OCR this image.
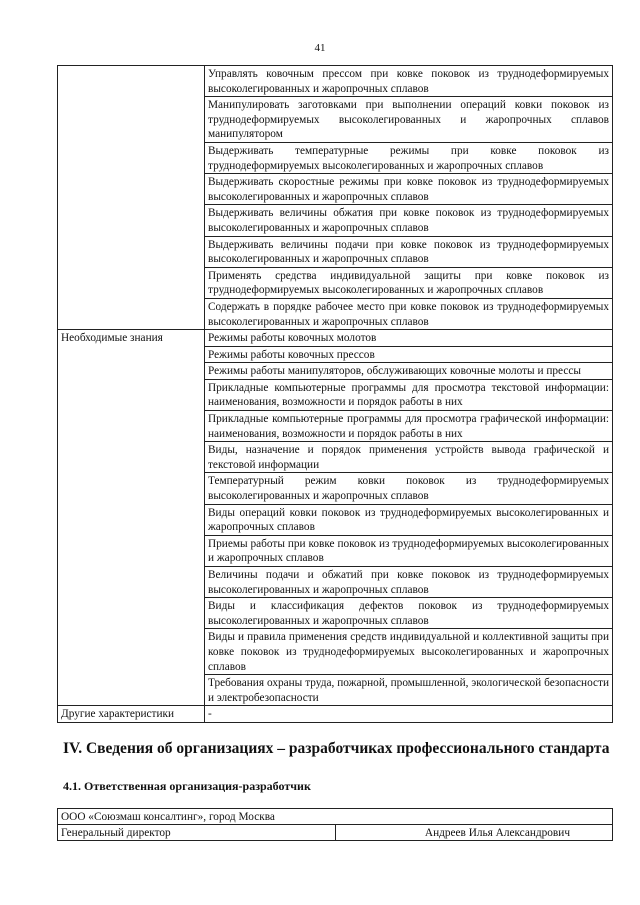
41
	Управлять ковочным прессом при ковке поковок из труднодеформируемых высоколегированных и жаропрочных сплавов
	Манипулировать заготовками при выполнении операций ковки поковок из труднодеформируемых высоколегированных и жаропрочных сплавов манипулятором
	Выдерживать температурные режимы при ковке поковок из труднодеформируемых высоколегированных и жаропрочных сплавов
	Выдерживать скоростные режимы при ковке поковок из труднодеформируемых высоколегированных и жаропрочных сплавов
	Выдерживать величины обжатия при ковке поковок из труднодеформируемых высоколегированных и жаропрочных сплавов
	Выдерживать величины подачи при ковке поковок из труднодеформируемых высоколегированных и жаропрочных сплавов
	Применять средства индивидуальной защиты при ковке поковок из труднодеформируемых высоколегированных и жаропрочных сплавов
	Содержать в порядке рабочее место при ковке поковок из труднодеформируемых высоколегированных и жаропрочных сплавов
Необходимые знания	Режимы работы ковочных молотов
	Режимы работы ковочных прессов
	Режимы работы манипуляторов, обслуживающих ковочные молоты и прессы
	Прикладные компьютерные программы для просмотра текстовой информации: наименования, возможности и порядок работы в них
	Прикладные компьютерные программы для просмотра графической информации: наименования, возможности и порядок работы в них
	Виды, назначение и порядок применения устройств вывода графической и текстовой информации
	Температурный режим ковки поковок из труднодеформируемых высоколегированных и жаропрочных сплавов
	Виды операций ковки поковок из труднодеформируемых высоколегированных и жаропрочных сплавов
	Приемы работы при ковке поковок из труднодеформируемых высоколегированных и жаропрочных сплавов
	Величины подачи и обжатий при ковке поковок из труднодеформируемых высоколегированных и жаропрочных сплавов
	Виды и классификация дефектов поковок из труднодеформируемых высоколегированных и жаропрочных сплавов
	Виды и правила применения средств индивидуальной и коллективной защиты при ковке поковок из труднодеформируемых высоколегированных и жаропрочных сплавов
	Требования охраны труда, пожарной, промышленной, экологической безопасности и электробезопасности
Другие характеристики	-
IV. Сведения об организациях – разработчиках профессионального стандарта
4.1. Ответственная организация-разработчик
ООО «Союзмаш консалтинг», город Москва
Генеральный директор	Андреев Илья Александрович
